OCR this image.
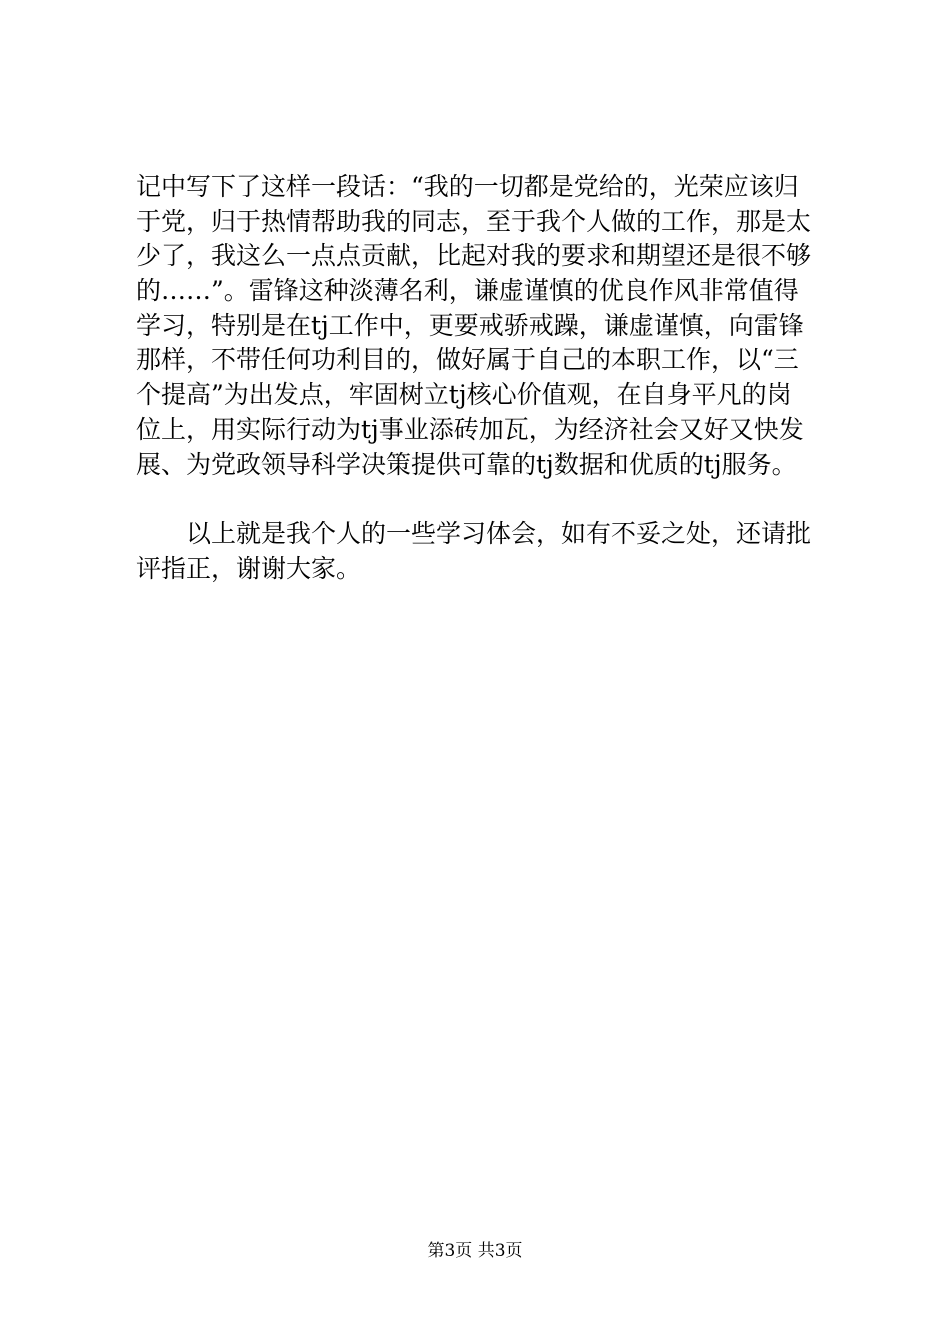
记中写下了这样一段话：“我的一切都是党给的，光荣应该归
于党，归于热情帮助我的同志，至于我个人做的工作，那是太
少了，我这么一点点贡献，比起对我的要求和期望还是很不够
的……”。雷锋这种淡薄名利，谦虚谨慎的优良作风非常值得
学习，特别是在tj工作中，更要戒骄戒躁，谦虚谨慎，向雷锋
那样，不带任何功利目的，做好属于自己的本职工作，以“三
个提高”为出发点，牢固树立tj核心价值观，在自身平凡的岗
位上，用实际行动为tj事业添砖加瓦，为经济社会又好又快发
展、为党政领导科学决策提供可靠的tj数据和优质的tj服务。
以上就是我个人的一些学习体会，如有不妥之处，还请批
评指正，谢谢大家。
第3页 共3页
